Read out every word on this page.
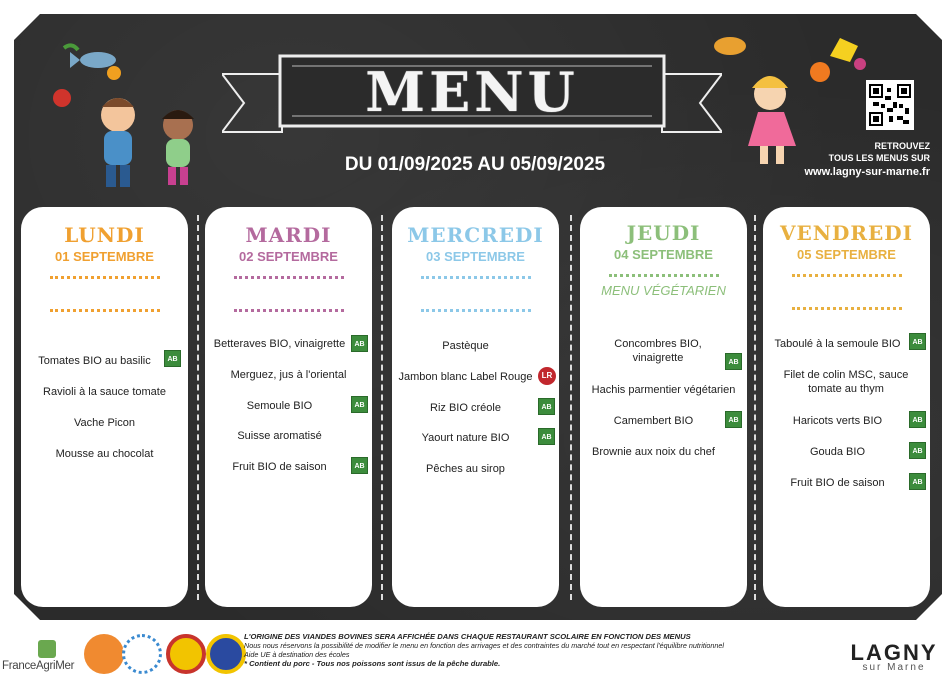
MENU
DU 01/09/2025 AU 05/09/2025
RETROUVEZ
TOUS LES MENUS SUR
www.lagny-sur-marne.fr
LUNDI
01 SEPTEMBRE
Tomates BIO au basilic	AB
Ravioli à la sauce tomate
Vache Picon
Mousse au chocolat
MARDI
02 SEPTEMBRE
Betteraves BIO, vinaigrette	AB
Merguez, jus à l'oriental
Semoule BIO	AB
Suisse aromatisé
Fruit BIO de saison	AB
MERCREDI
03 SEPTEMBRE
Pastèque
Jambon blanc Label Rouge	LR
Riz BIO créole	AB
Yaourt nature BIO	AB
Pêches au sirop
JEUDI
04 SEPTEMBRE
MENU VÉGÉTARIEN
Concombres BIO, vinaigrette	AB
Hachis parmentier végétarien
Camembert BIO	AB
Brownie aux noix du chef
VENDREDI
05 SEPTEMBRE
Taboulé à la semoule BIO	AB
Filet de colin MSC, sauce tomate au thym
Haricots verts BIO	AB
Gouda BIO	AB
Fruit BIO de saison	AB
FranceAgriMer
L'ORIGINE DES VIANDES BOVINES SERA AFFICHÉE DANS CHAQUE RESTAURANT SCOLAIRE EN FONCTION DES MENUS
Nous nous réservons la possibilité de modifier le menu en fonction des arrivages et des contraintes du marché tout en respectant l'équilibre nutritionnel
Aide UE à destination des écoles
* Contient du porc - Tous nos poissons sont issus de la pêche durable.	LAGNY
sur Marne
